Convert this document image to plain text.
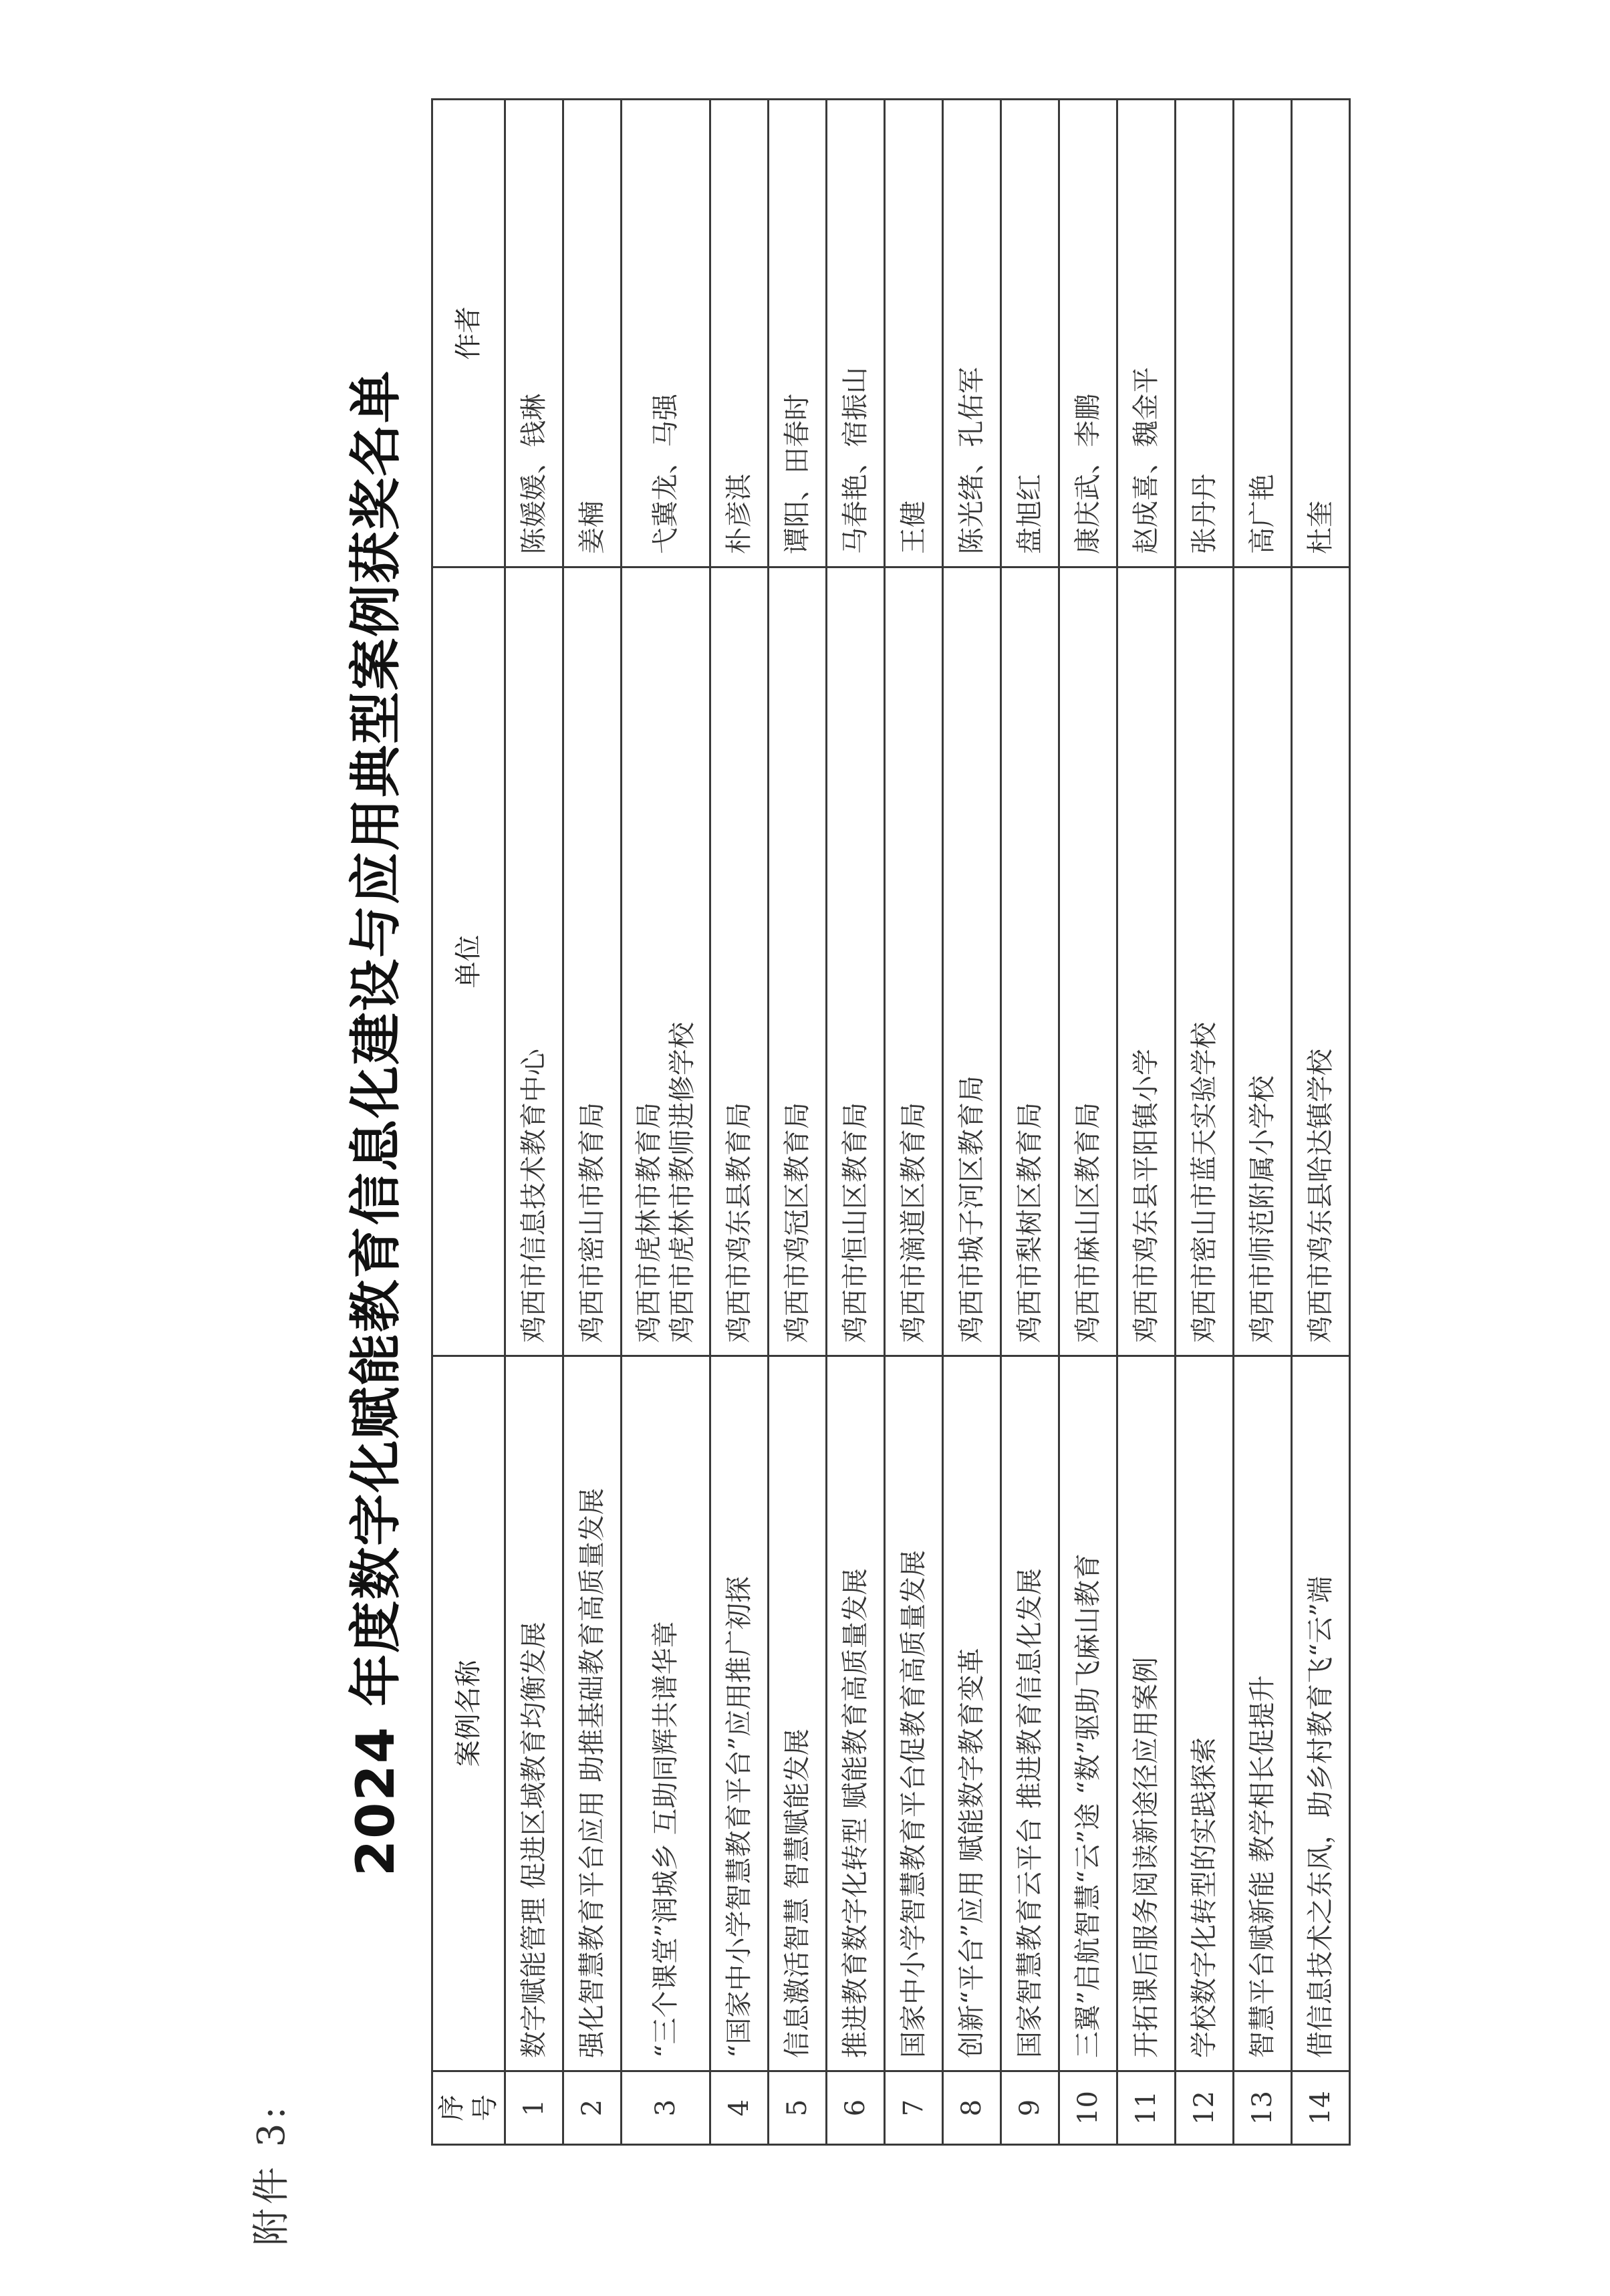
附件 3:
2024 年度数字化赋能教育信息化建设与应用典型案例获奖名单
序号	案例名称	单位	作者
1	数字赋能管理 促进区域教育均衡发展	鸡西市信息技术教育中心	陈媛媛、钱琳
2	强化智慧教育平台应用 助推基础教育高质量发展	鸡西市密山市教育局	姜楠
3	“三个课堂”润城乡 互助同辉共谱华章	鸡西市虎林市教育局 鸡西市虎林市教师进修学校	弋冀龙、马强
4	“国家中小学智慧教育平台”应用推广初探	鸡西市鸡东县教育局	朴彦淇
5	信息激活智慧 智慧赋能发展	鸡西市鸡冠区教育局	谭阳、田春时
6	推进教育数字化转型 赋能教育高质量发展	鸡西市恒山区教育局	马春艳、宿振山
7	国家中小学智慧教育平台促教育高质量发展	鸡西市滴道区教育局	王健
8	创新“平台”应用 赋能数字教育变革	鸡西市城子河区教育局	陈光绪、孔佑军
9	国家智慧教育云平台 推进教育信息化发展	鸡西市梨树区教育局	盘旭红
10	三翼”启航智慧“云”途 “数”驱助飞麻山教育	鸡西市麻山区教育局	康庆武、李鹏
11	开拓课后服务阅读新途径应用案例	鸡西市鸡东县平阳镇小学	赵成喜、魏金平
12	学校数字化转型的实践探索	鸡西市密山市蓝天实验学校	张丹丹
13	智慧平台赋新能 教学相长促提升	鸡西市师范附属小学校	高广艳
14	借信息技术之东风，助乡村教育飞“云”端	鸡西市鸡东县哈达镇学校	杜奎
